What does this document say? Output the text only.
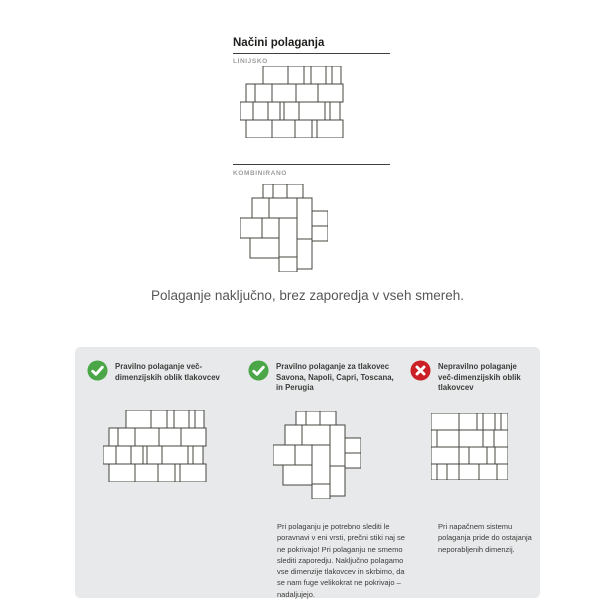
Načini polaganja
LINIJSKO
KOMBINIRANO
Polaganje naključno, brez zaporedja v vseh smereh.
Pravilno polaganje več-dimenzijskih oblik tlakovcev
Pravilno polaganje za tlakovec Savona, Napoli, Capri, Toscana, in Perugia
Pri polaganju je potrebno slediti le poravnavi v eni vrsti, prečni stiki naj se ne pokrivajo! Pri polaganju ne smemo slediti zaporedju. Naključno polagamo vse dimenzije tlakovcev in skrbimo, da se nam fuge velikokrat ne pokrivajo – nadaljujejo.
Nepravilno polaganje več-dimenzijskih oblik tlakovcev
Pri napačnem sistemu polaganja pride do ostajanja neporabljenih dimenzij.
